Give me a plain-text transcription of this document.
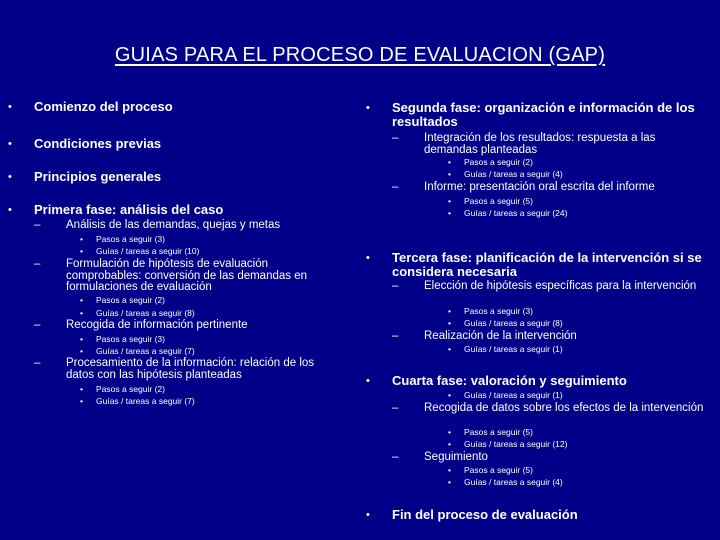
GUIAS PARA EL PROCESO DE EVALUACION (GAP)
• Comienzo del proceso
• Condiciones previas
• Principios generales
• Primera fase: análisis del caso
– Análisis de las demandas, quejas y metas
• Pasos a seguir (3)
• Guías / tareas a seguir (10)
– Formulación de hipótesis de evaluación comprobables: conversión de las demandas en formulaciones de evaluación
• Pasos a seguir (2)
• Guías / tareas a seguir (8)
– Recogida de información pertinente
• Pasos a seguir (3)
• Guías / tareas a seguir (7)
– Procesamiento de la información: relación de los datos con las hipótesis planteadas
• Pasos a seguir (2)
• Guías / tareas a seguir (7)
• Segunda fase: organización e información de los resultados
– Integración de los resultados: respuesta a las demandas planteadas
• Pasos a seguir (2)
• Guías / tareas a seguir (4)
– Informe: presentación oral escrita del informe
• Pasos a seguir (5)
• Guías / tareas a seguir (24)
• Tercera fase: planificación de la intervención si se considera necesaria
– Elección de hipótesis específicas para la intervención
• Pasos a seguir (3)
• Guías / tareas a seguir (8)
– Realización de la intervención
• Guías / tareas a seguir (1)
• Cuarta fase: valoración y seguimiento
• Guías / tareas a seguir (1)
– Recogida de datos sobre los efectos de la intervención
• Pasos a seguir (5)
• Guías / tareas a seguir (12)
– Seguimiento
• Pasos a seguir (5)
• Guías / tareas a seguir (4)
• Fin del proceso de evaluación
